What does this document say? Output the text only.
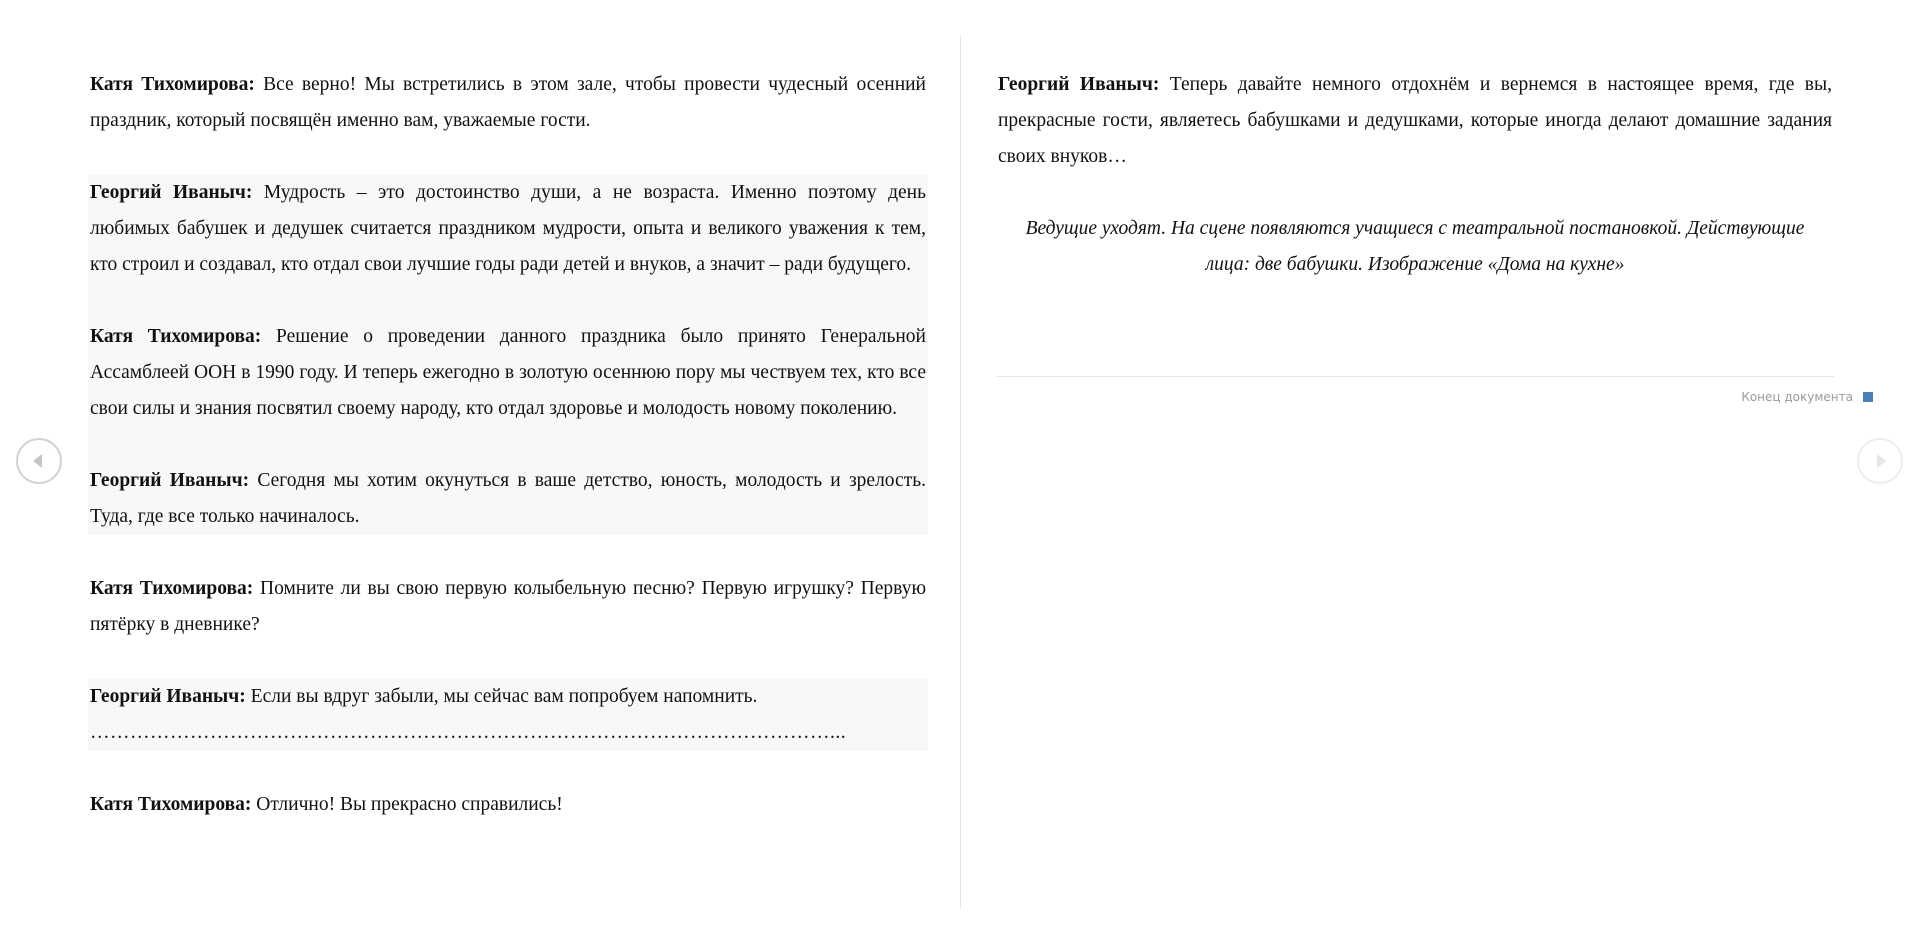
Катя Тихомирова: Все верно! Мы встретились в этом зале, чтобы провести чудесный осенний праздник, который посвящён именно вам, уважаемые гости.

Георгий Иваныч: Мудрость – это достоинство души, а не возраста. Именно поэтому день любимых бабушек и дедушек считается праздником мудрости, опыта и великого уважения к тем, кто строил и создавал, кто отдал свои лучшие годы ради детей и внуков, а значит – ради будущего.

Катя Тихомирова: Решение о проведении данного праздника было принято Генеральной Ассамблеей ООН в 1990 году. И теперь ежегодно в золотую осеннюю пору мы чествуем тех, кто все свои силы и знания посвятил своему народу, кто отдал здоровье и молодость новому поколению.

Георгий Иваныч: Сегодня мы хотим окунуться в ваше детство, юность, молодость и зрелость. Туда, где все только начиналось.

Катя Тихомирова: Помните ли вы свою первую колыбельную песню? Первую игрушку? Первую пятёрку в дневнике?

Георгий Иваныч: Если вы вдруг забыли, мы сейчас вам попробуем напомнить.
…………………………………………………………………………………………………...

Катя Тихомирова: Отлично! Вы прекрасно справились!

Георгий Иваныч: Теперь давайте немного отдохнём и вернемся в настоящее время, где вы, прекрасные гости, являетесь бабушками и дедушками, которые иногда делают домашние задания своих внуков…

Ведущие уходят. На сцене появляются учащиеся с театральной постановкой. Действующие лица: две бабушки. Изображение «Дома на кухне»

Конец документа
